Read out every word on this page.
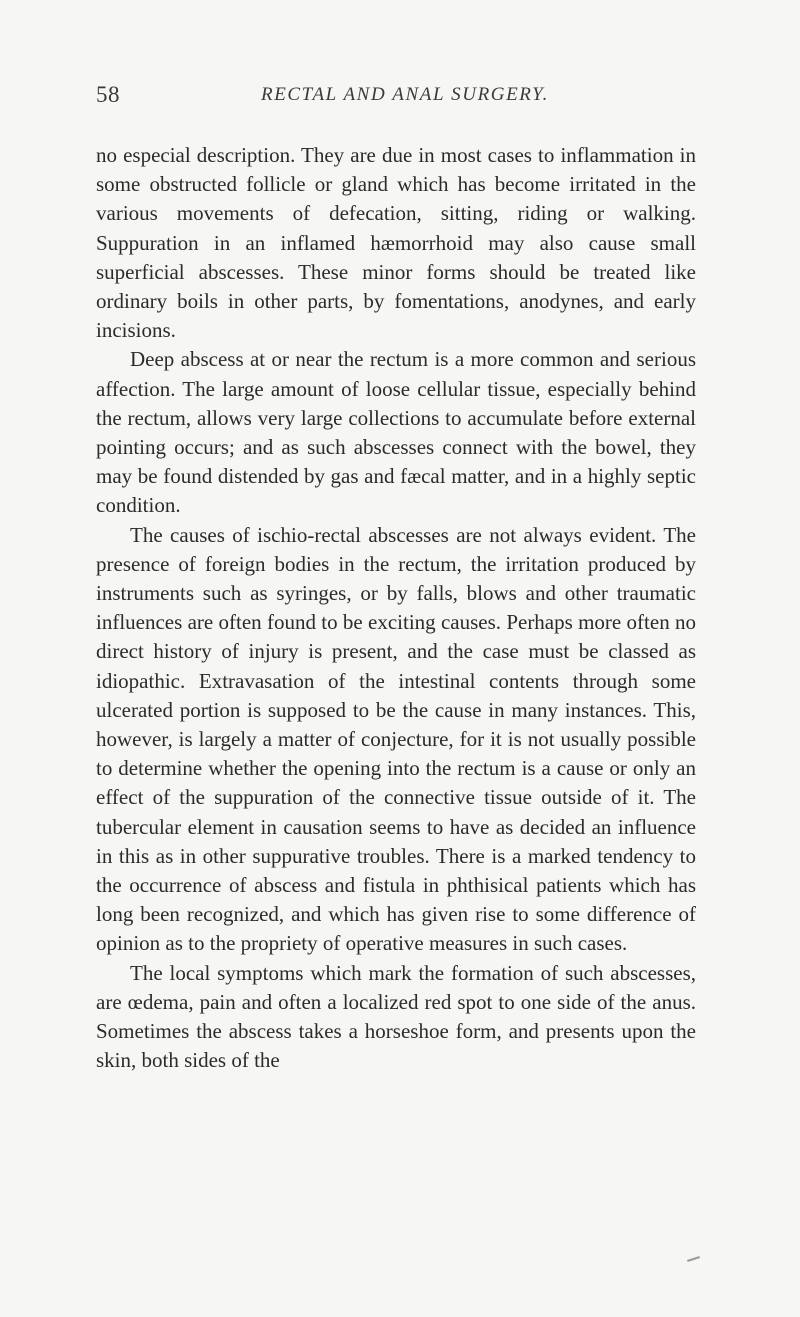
58	RECTAL AND ANAL SURGERY.

no especial description. They are due in most cases to inflammation in some obstructed follicle or gland which has become irritated in the various movements of defecation, sitting, riding or walking. Suppuration in an inflamed hæmorrhoid may also cause small superficial abscesses. These minor forms should be treated like ordinary boils in other parts, by fomentations, anodynes, and early incisions.

Deep abscess at or near the rectum is a more common and serious affection. The large amount of loose cellular tissue, especially behind the rectum, allows very large collections to accumulate before external pointing occurs; and as such abscesses connect with the bowel, they may be found distended by gas and fæcal matter, and in a highly septic condition.

The causes of ischio-rectal abscesses are not always evident. The presence of foreign bodies in the rectum, the irritation produced by instruments such as syringes, or by falls, blows and other traumatic influences are often found to be exciting causes. Perhaps more often no direct history of injury is present, and the case must be classed as idiopathic. Extravasation of the intestinal contents through some ulcerated portion is supposed to be the cause in many instances. This, however, is largely a matter of conjecture, for it is not usually possible to determine whether the opening into the rectum is a cause or only an effect of the suppuration of the connective tissue outside of it. The tubercular element in causation seems to have as decided an influence in this as in other suppurative troubles. There is a marked tendency to the occurrence of abscess and fistula in phthisical patients which has long been recognized, and which has given rise to some difference of opinion as to the propriety of operative measures in such cases.

The local symptoms which mark the formation of such abscesses, are œdema, pain and often a localized red spot to one side of the anus. Sometimes the abscess takes a horseshoe form, and presents upon the skin, both sides of the
